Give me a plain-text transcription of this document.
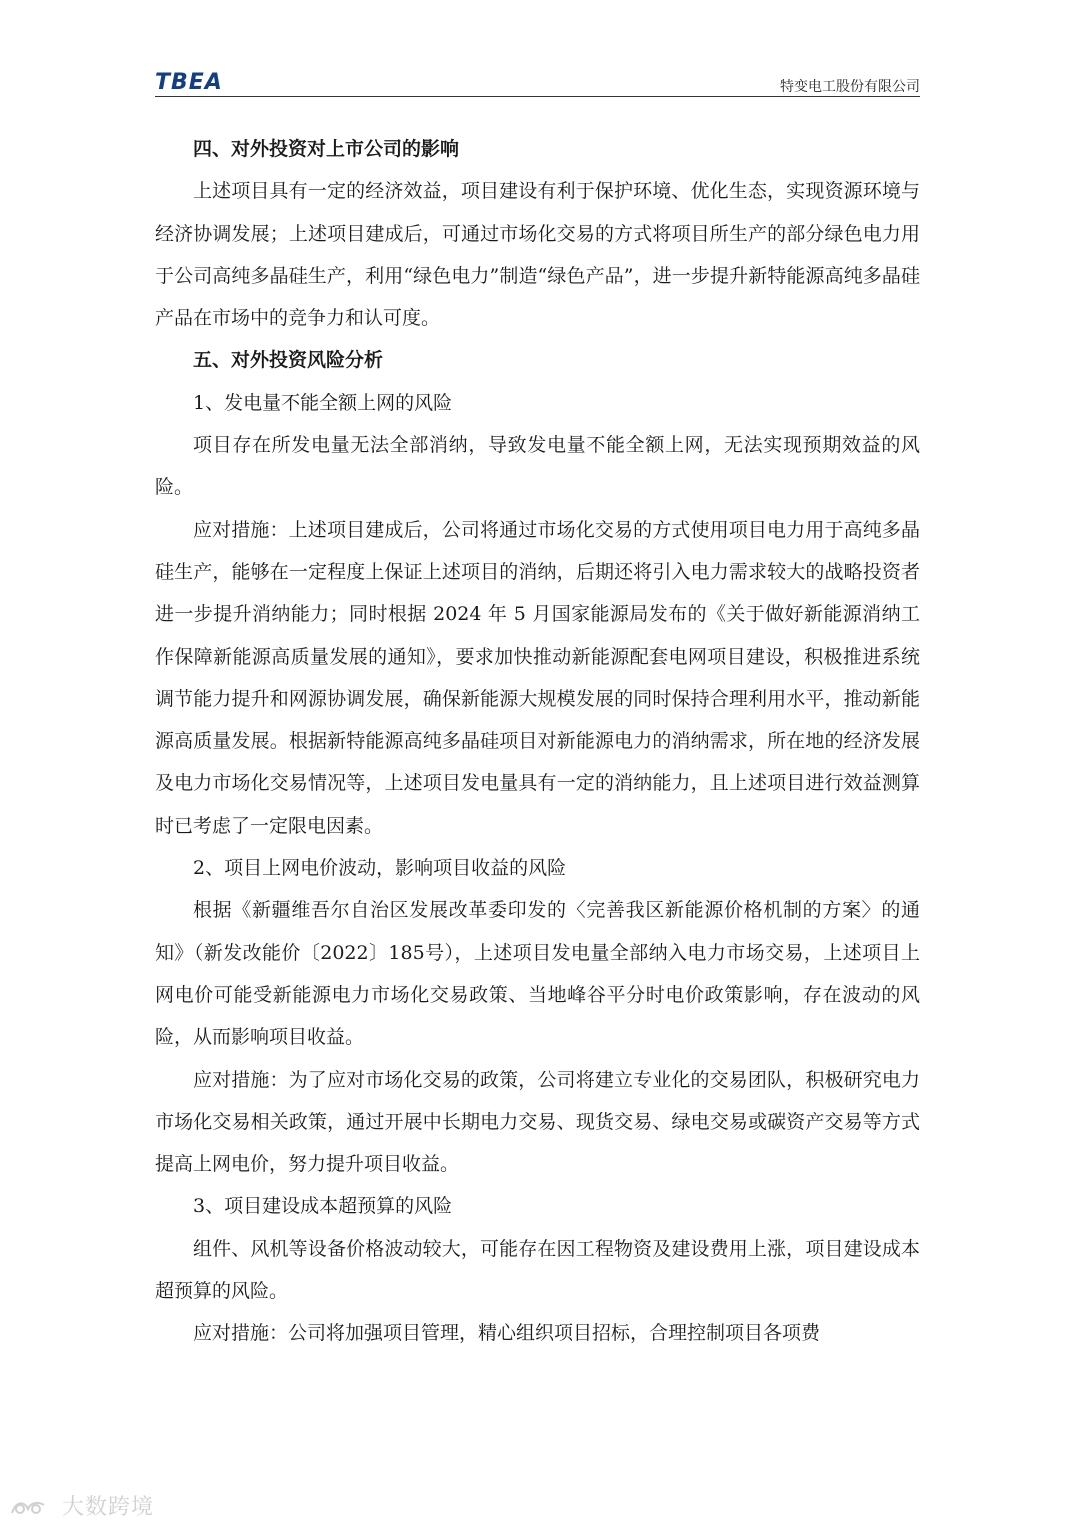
TBEA	特变电工股份有限公司

四、对外投资对上市公司的影响

上述项目具有一定的经济效益，项目建设有利于保护环境、优化生态，实现资源环境与经济协调发展；上述项目建成后，可通过市场化交易的方式将项目所生产的部分绿色电力用于公司高纯多晶硅生产，利用“绿色电力”制造“绿色产品”，进一步提升新特能源高纯多晶硅产品在市场中的竞争力和认可度。

五、对外投资风险分析

1、发电量不能全额上网的风险

项目存在所发电量无法全部消纳，导致发电量不能全额上网，无法实现预期效益的风险。

应对措施：上述项目建成后，公司将通过市场化交易的方式使用项目电力用于高纯多晶硅生产，能够在一定程度上保证上述项目的消纳，后期还将引入电力需求较大的战略投资者进一步提升消纳能力；同时根据 2024 年 5 月国家能源局发布的《关于做好新能源消纳工作保障新能源高质量发展的通知》，要求加快推动新能源配套电网项目建设，积极推进系统调节能力提升和网源协调发展，确保新能源大规模发展的同时保持合理利用水平，推动新能源高质量发展。根据新特能源高纯多晶硅项目对新能源电力的消纳需求，所在地的经济发展及电力市场化交易情况等，上述项目发电量具有一定的消纳能力，且上述项目进行效益测算时已考虑了一定限电因素。

2、项目上网电价波动，影响项目收益的风险

根据《新疆维吾尔自治区发展改革委印发的〈完善我区新能源价格机制的方案〉的通知》（新发改能价〔2022〕185号），上述项目发电量全部纳入电力市场交易，上述项目上网电价可能受新能源电力市场化交易政策、当地峰谷平分时电价政策影响，存在波动的风险，从而影响项目收益。

应对措施：为了应对市场化交易的政策，公司将建立专业化的交易团队，积极研究电力市场化交易相关政策，通过开展中长期电力交易、现货交易、绿电交易或碳资产交易等方式提高上网电价，努力提升项目收益。

3、项目建设成本超预算的风险

组件、风机等设备价格波动较大，可能存在因工程物资及建设费用上涨，项目建设成本超预算的风险。

应对措施：公司将加强项目管理，精心组织项目招标，合理控制项目各项费

大数跨境
